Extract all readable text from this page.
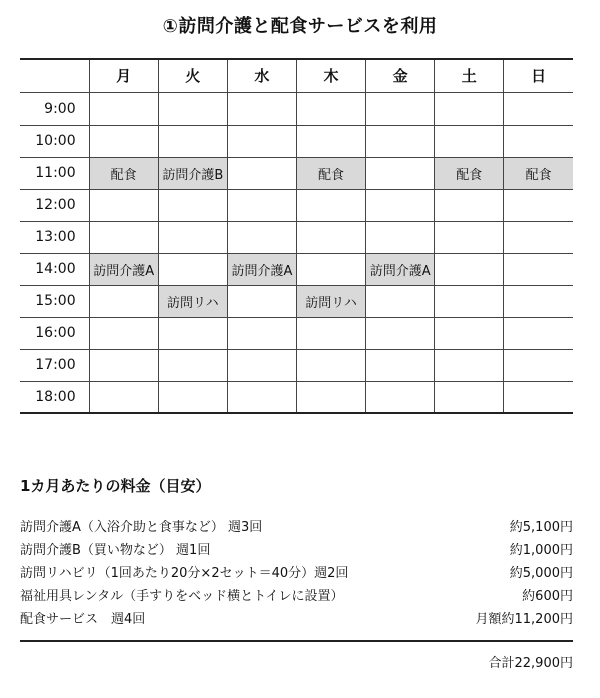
①訪問介護と配食サービスを利用
	月	火	水	木	金	土	日
9:00							
10:00							
11:00	配食	訪問介護B		配食		配食	配食
12:00							
13:00							
14:00	訪問介護A		訪問介護A		訪問介護A		
15:00		訪問リハ		訪問リハ			
16:00							
17:00							
18:00							
1カ月あたりの料金（目安）
訪問介護A（入浴介助と食事など） 週3回	約5,100円
訪問介護B（買い物など） 週1回	約1,000円
訪問リハビリ（1回あたり20分×2セット＝40分）週2回	約5,000円
福祉用具レンタル（手すりをベッド横とトイレに設置）	約600円
配食サービス　週4回	月額約11,200円
合計22,900円
